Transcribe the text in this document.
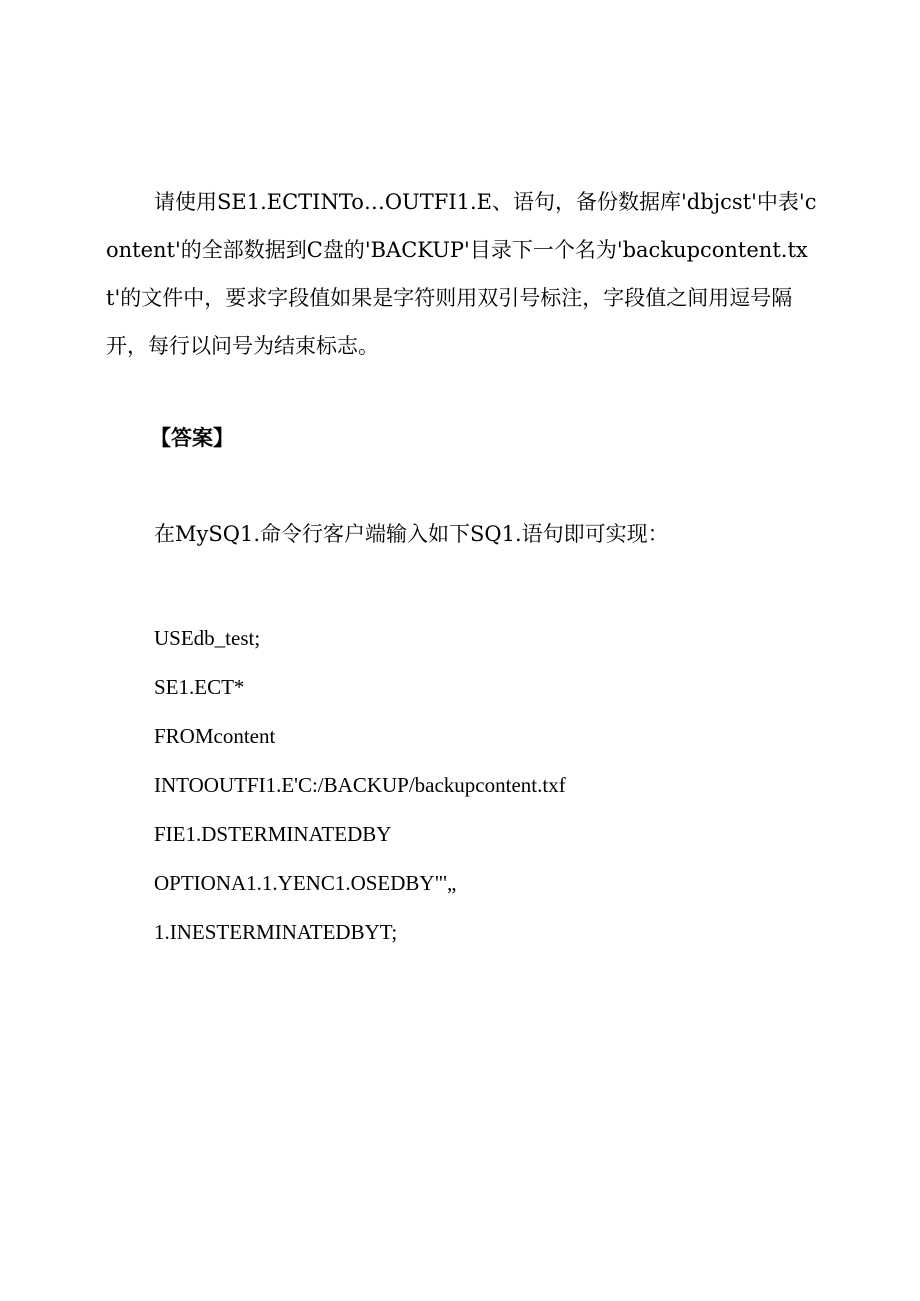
请使用SE1.ECTINTo…OUTFI1.E、语句，备份数据库'dbjcst'中表'content'的全部数据到C盘的'BACKUP'目录下一个名为'backupcontent.txt'的文件中，要求字段值如果是字符则用双引号标注，字段值之间用逗号隔开，每行以问号为结束标志。

【答案】
在MySQ1.命令行客户端输入如下SQ1.语句即可实现：
USEdb_test;
SE1.ECT*
FROMcontent
INTOOUTFI1.E'C:/BACKUP/backupcontent.txf
FIE1.DSTERMINATEDBY
OPTIONA1.1.YENC1.OSEDBY"'„
1.INESTERMINATEDBYT;
